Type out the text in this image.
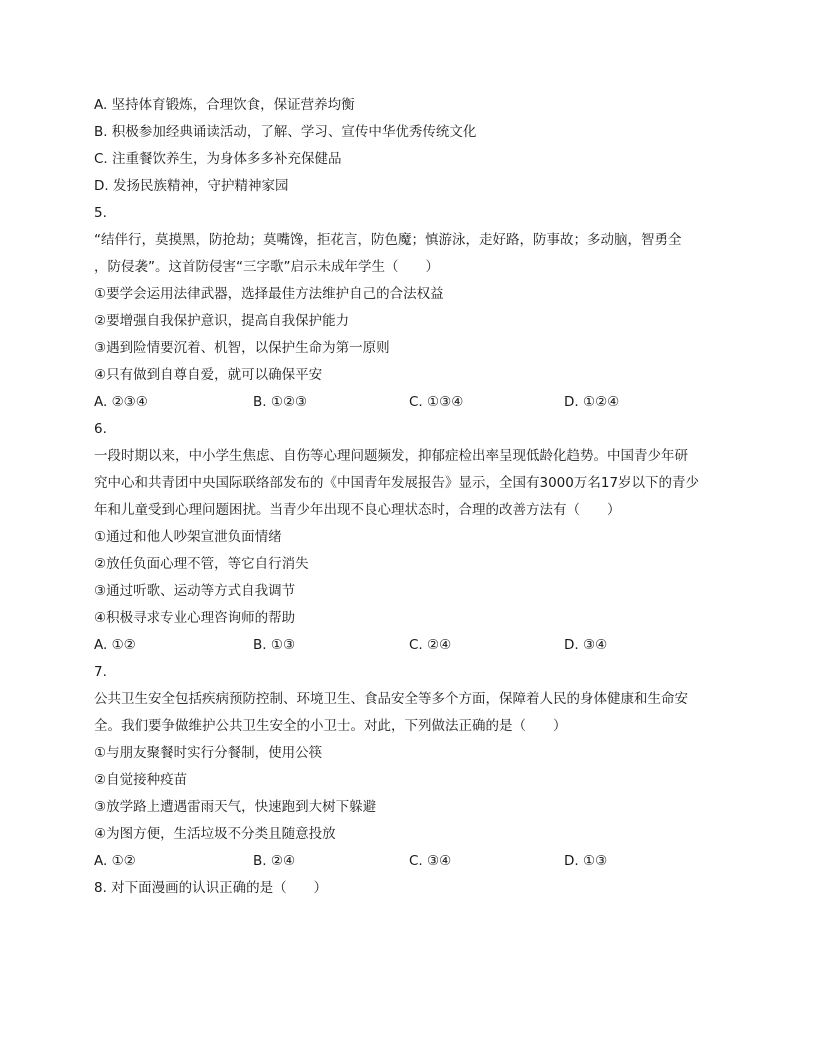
A. 坚持体育锻炼，合理饮食，保证营养均衡
B. 积极参加经典诵读活动，了解、学习、宣传中华优秀传统文化
C. 注重餐饮养生，为身体多多补充保健品
D. 发扬民族精神，守护精神家园
5.
“结伴行，莫摸黑，防抢劫；莫嘴馋，拒花言，防色魔；慎游泳，走好路，防事故；多动脑，智勇全
，防侵袭”。这首防侵害“三字歌”启示未成年学生（　　）
①要学会运用法律武器，选择最佳方法维护自己的合法权益
②要增强自我保护意识，提高自我保护能力
③遇到险情要沉着、机智，以保护生命为第一原则
④只有做到自尊自爱，就可以确保平安
A. ②③④	B. ①②③	C. ①③④	D. ①②④
6.
一段时期以来，中小学生焦虑、自伤等心理问题频发，抑郁症检出率呈现低龄化趋势。中国青少年研
究中心和共青团中央国际联络部发布的《中国青年发展报告》显示，全国有3000万名17岁以下的青少
年和儿童受到心理问题困扰。当青少年出现不良心理状态时，合理的改善方法有（　　）
①通过和他人吵架宣泄负面情绪
②放任负面心理不管，等它自行消失
③通过听歌、运动等方式自我调节
④积极寻求专业心理咨询师的帮助
A. ①②	B. ①③	C. ②④	D. ③④
7.
公共卫生安全包括疾病预防控制、环境卫生、食品安全等多个方面，保障着人民的身体健康和生命安
全。我们要争做维护公共卫生安全的小卫士。对此，下列做法正确的是（　　）
①与朋友聚餐时实行分餐制，使用公筷
②自觉接种疫苗
③放学路上遭遇雷雨天气，快速跑到大树下躲避
④为图方便，生活垃圾不分类且随意投放
A. ①②	B. ②④	C. ③④	D. ①③
8. 对下面漫画的认识正确的是（　　）
